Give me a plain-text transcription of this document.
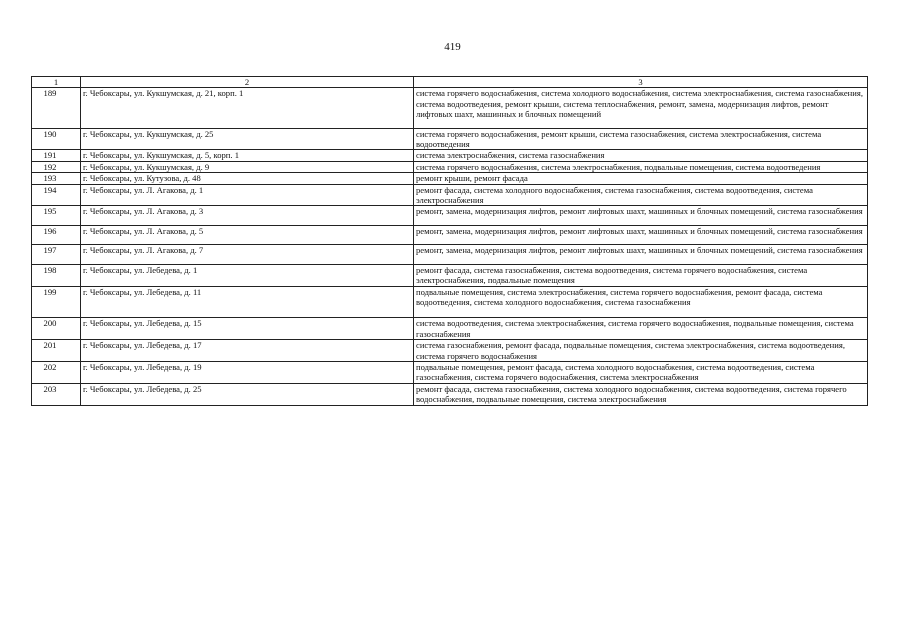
419
1	2	3
189	г. Чебоксары, ул. Кукшумская, д. 21, корп. 1	система горячего водоснабжения, система холодного водоснабжения, система электроснабжения, система газоснабжения, система водоотведения, ремонт крыши, система теплоснабжения, ремонт, замена, модернизация лифтов, ремонт лифтовых шахт, машинных и блочных помещений
190	г. Чебоксары, ул. Кукшумская, д. 25	система горячего водоснабжения, ремонт крыши, система газоснабжения, система электроснабжения, система водоотведения
191	г. Чебоксары, ул. Кукшумская, д. 5, корп. 1	система электроснабжения, система газоснабжения
192	г. Чебоксары, ул. Кукшумская, д. 9	система горячего водоснабжения, система электроснабжения, подвальные помещения, система водоотведения
193	г. Чебоксары, ул. Кутузова, д. 48	ремонт крыши, ремонт фасада
194	г. Чебоксары, ул. Л. Агакова, д. 1	ремонт фасада, система холодного водоснабжения, система газоснабжения, система водоотведения, система электроснабжения
195	г. Чебоксары, ул. Л. Агакова, д. 3	ремонт, замена, модернизация лифтов, ремонт лифтовых шахт, машинных и блочных помещений, система газоснабжения
196	г. Чебоксары, ул. Л. Агакова, д. 5	ремонт, замена, модернизация лифтов, ремонт лифтовых шахт, машинных и блочных помещений, система газоснабжения
197	г. Чебоксары, ул. Л. Агакова, д. 7	ремонт, замена, модернизация лифтов, ремонт лифтовых шахт, машинных и блочных помещений, система газоснабжения
198	г. Чебоксары, ул. Лебедева, д. 1	ремонт фасада, система газоснабжения, система водоотведения, система горячего водоснабжения, система электроснабжения, подвальные помещения
199	г. Чебоксары, ул. Лебедева, д. 11	подвальные помещения, система электроснабжения, система горячего водоснабжения, ремонт фасада, система водоотведения, система холодного водоснабжения, система газоснабжения
200	г. Чебоксары, ул. Лебедева, д. 15	система водоотведения, система электроснабжения, система горячего водоснабжения, подвальные помещения, система газоснабжения
201	г. Чебоксары, ул. Лебедева, д. 17	система газоснабжения, ремонт фасада, подвальные помещения, система электроснабжения, система водоотведения, система горячего водоснабжения
202	г. Чебоксары, ул. Лебедева, д. 19	подвальные помещения, ремонт фасада, система холодного водоснабжения, система водоотведения, система газоснабжения, система горячего водоснабжения, система электроснабжения
203	г. Чебоксары, ул. Лебедева, д. 25	ремонт фасада, система газоснабжения, система холодного водоснабжения, система водоотведения, система горячего водоснабжения, подвальные помещения, система электроснабжения
